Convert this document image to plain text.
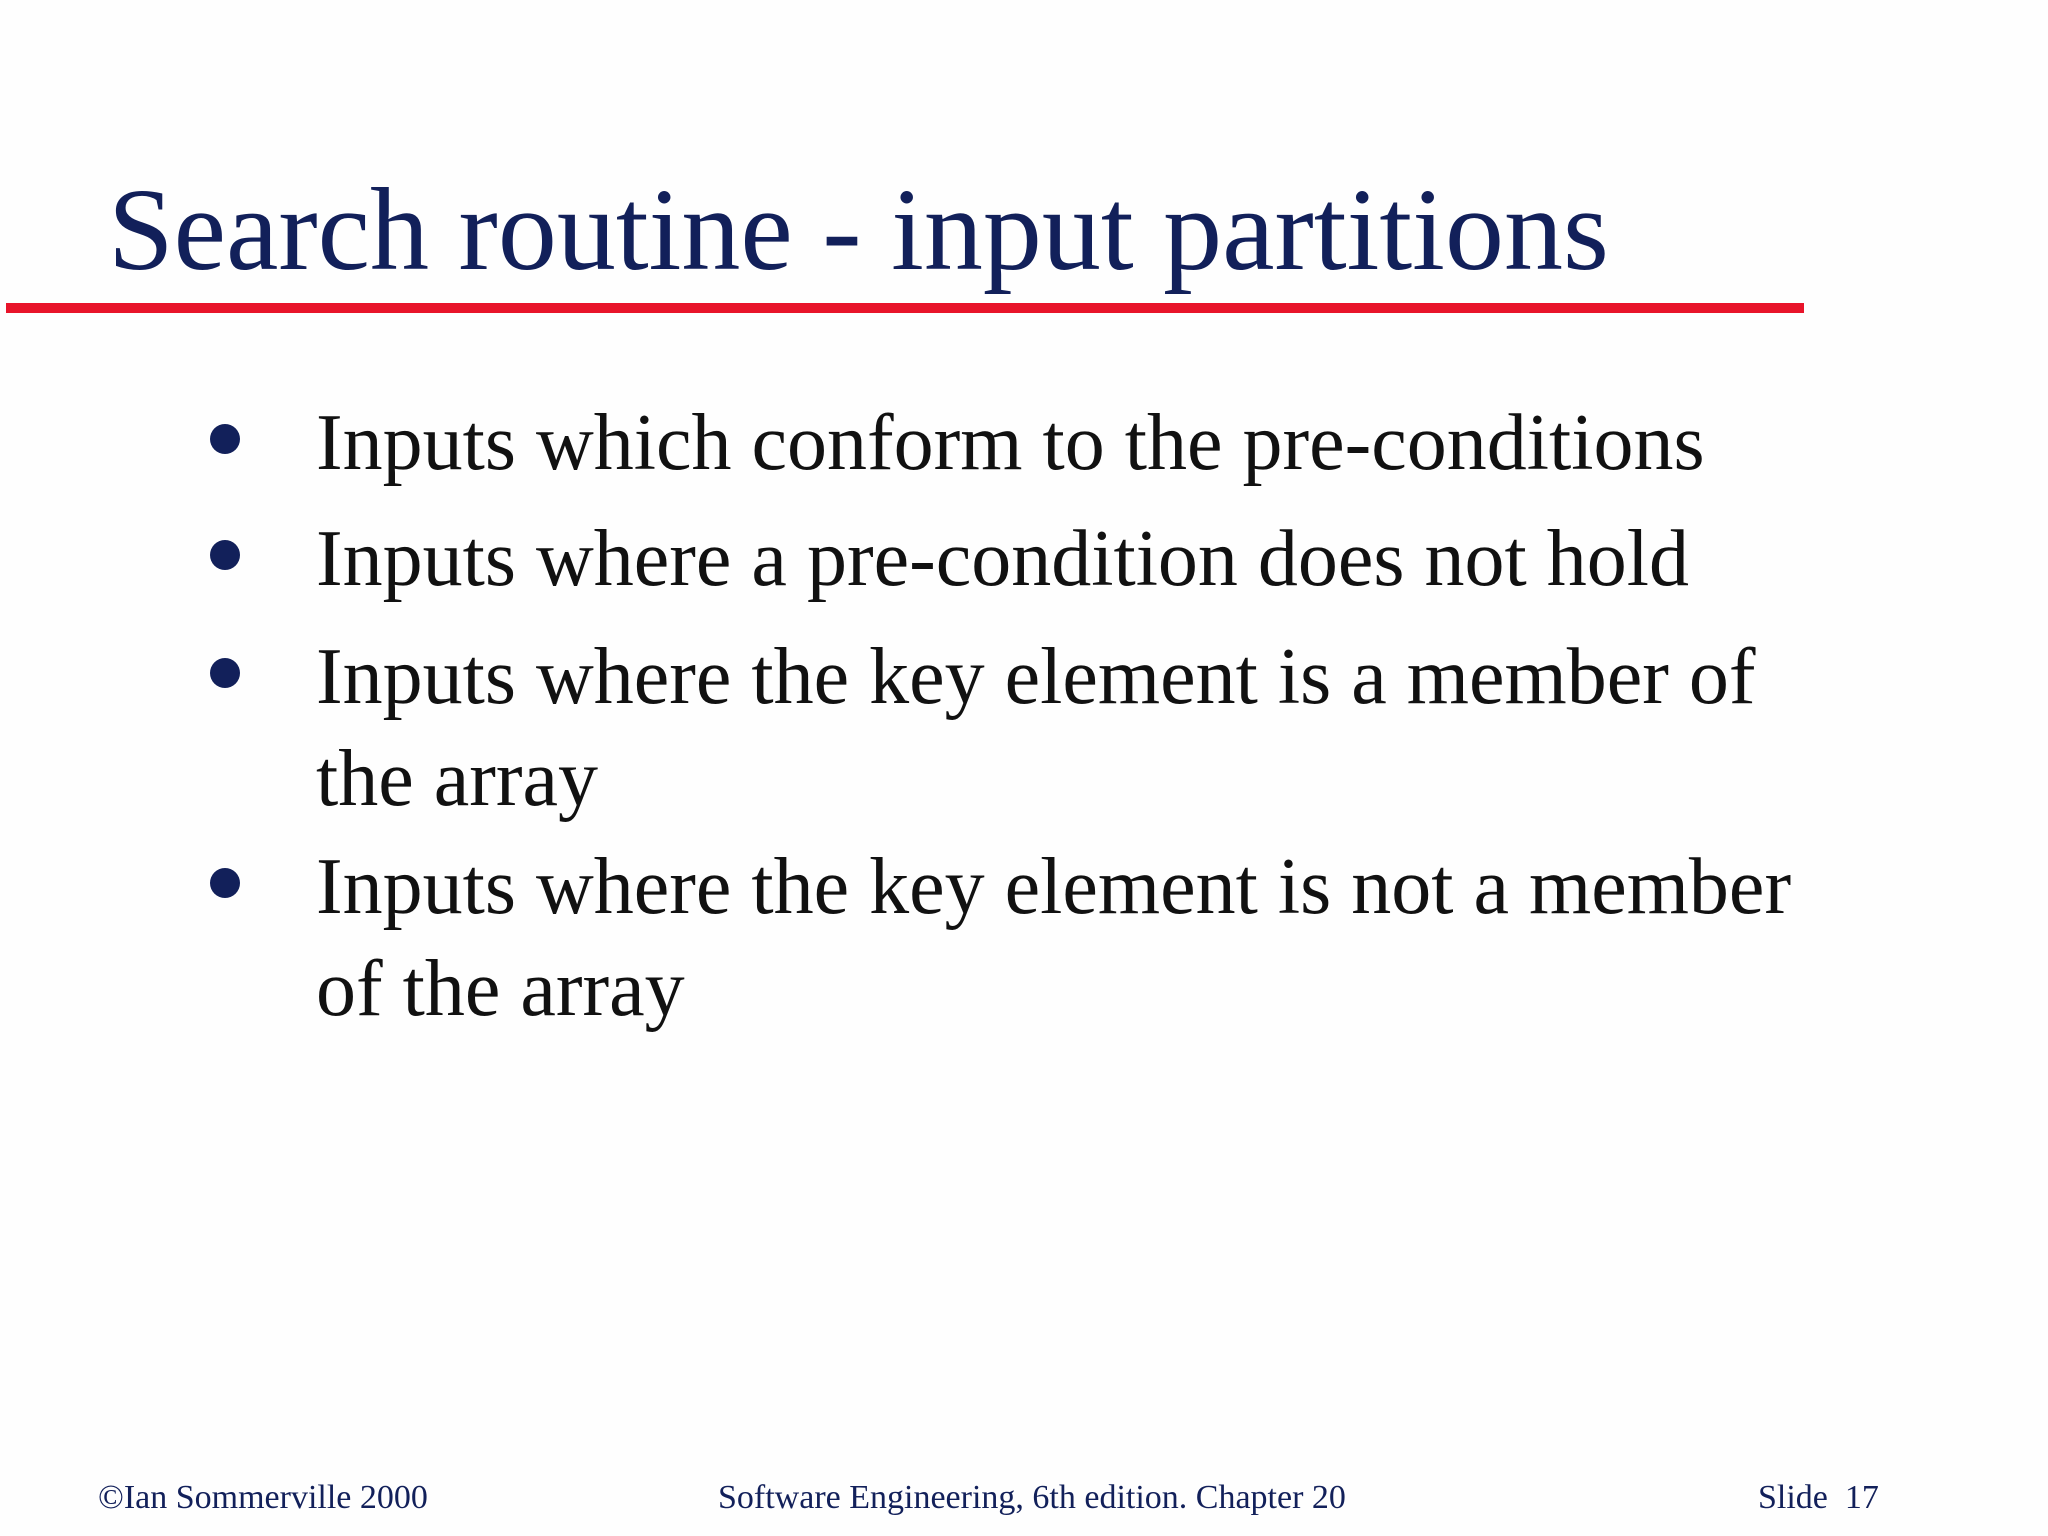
Search routine - input partitions
Inputs which conform to the pre-conditions
Inputs where a pre-condition does not hold
Inputs where the key element is a member of the array
Inputs where the key element is not a member of the array
©Ian Sommerville 2000	Software Engineering, 6th edition. Chapter 20	Slide  17
